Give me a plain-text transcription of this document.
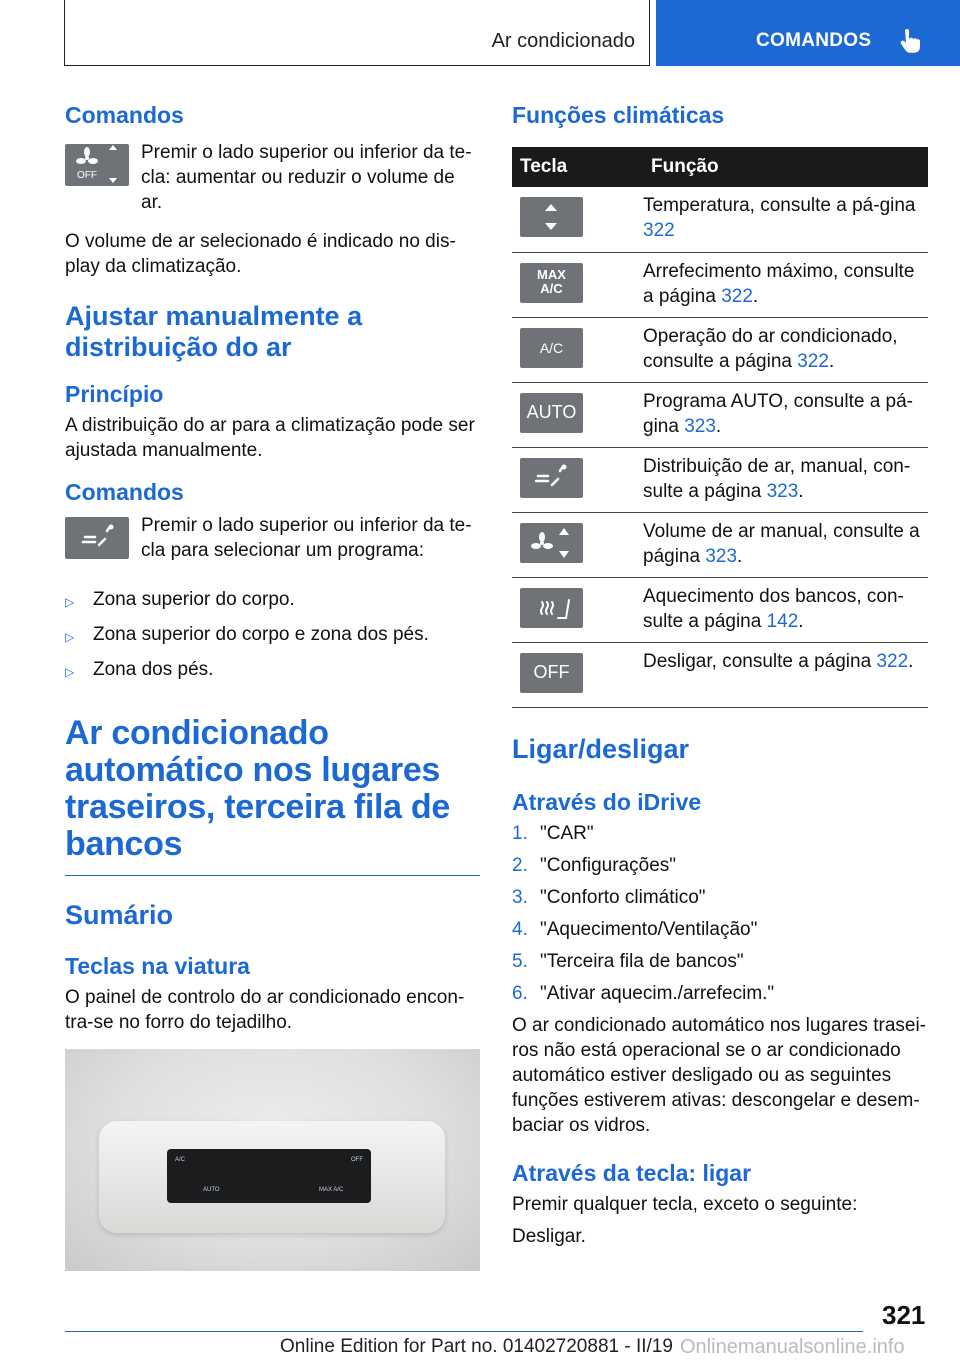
Ar condicionado	COMANDOS
Comandos
OFF
Premir o lado superior ou inferior da te-cla: aumentar ou reduzir o volume de ar.
O volume de ar selecionado é indicado no dis-play da climatização.
Ajustar manualmente a distribuição do ar
Princípio
A distribuição do ar para a climatização pode ser ajustada manualmente.
Comandos
Premir o lado superior ou inferior da te-cla para selecionar um programa:
▷ Zona superior do corpo.
▷ Zona superior do corpo e zona dos pés.
▷ Zona dos pés.
Ar condicionado automático nos lugares traseiros, terceira fila de bancos
Sumário
Teclas na viatura
O painel de controlo do ar condicionado encon-tra-se no forro do tejadilho.
A/C	OFF
AUTO	MAX A/C
Funções climáticas
Tecla	Função

	Temperatura, consulte a pá-gina 322

MAX A/C	Arrefecimento máximo, consulte a página 322.

A/C	Operação do ar condicionado, consulte a página 322.

AUTO	Programa AUTO, consulte a pá-gina 323.

	Distribuição de ar, manual, con-sulte a página 323.

	Volume de ar manual, consulte a página 323.

	Aquecimento dos bancos, con-sulte a página 142.

OFF	Desligar, consulte a página 322.
Ligar/desligar
Através do iDrive
1. "CAR"
2. "Configurações"
3. "Conforto climático"
4. "Aquecimento/Ventilação"
5. "Terceira fila de bancos"
6. "Ativar aquecim./arrefecim."
O ar condicionado automático nos lugares trasei-ros não está operacional se o ar condicionado automático estiver desligado ou as seguintes funções estiverem ativas: descongelar e desem-baciar os vidros.
Através da tecla: ligar
Premir qualquer tecla, exceto o seguinte:
Desligar.
321
Online Edition for Part no. 01402720881 - II/19 Onlinemanualsonline.info
